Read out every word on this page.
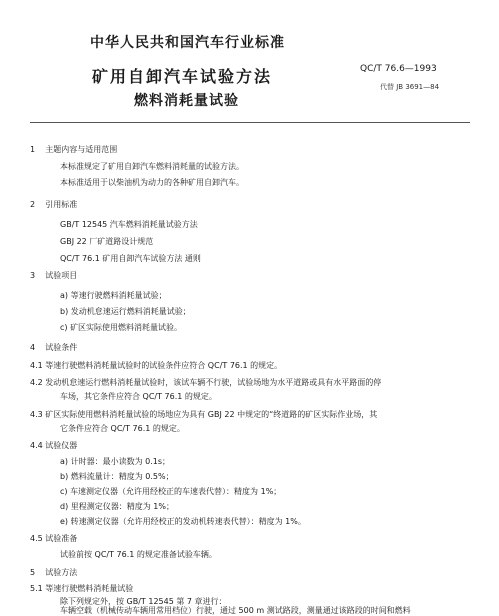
中华人民共和国汽车行业标准
QC/T 76.6—1993
代替 JB 3691—84
矿用自卸汽车试验方法
燃料消耗量试验
1 主题内容与适用范围
本标准规定了矿用自卸汽车燃料消耗量的试验方法。
本标准适用于以柴油机为动力的各种矿用自卸汽车。
2 引用标准
GB/T 12545 汽车燃料消耗量试验方法
GBJ 22 厂矿道路设计规范
QC/T 76.1 矿用自卸汽车试验方法 通则
3 试验项目
a) 等速行驶燃料消耗量试验；
b) 发动机怠速运行燃料消耗量试验；
c) 矿区实际使用燃料消耗量试验。
4 试验条件
4.1 等速行驶燃料消耗量试验时的试验条件应符合 QC/T 76.1 的规定。
4.2 发动机怠速运行燃料消耗量试验时，该试车辆不行驶，试验场地为水平道路或具有水平路面的停
车场，其它条件应符合 QC/T 76.1 的规定。
4.3 矿区实际使用燃料消耗量试验的场地应为具有 GBJ 22 中规定的“终道路的矿区实际作业场，其
它条件应符合 QC/T 76.1 的规定。
4.4 试验仪器
a) 计时器：最小读数为 0.1s；
b) 燃料流量计：精度为 0.5%；
c) 车速测定仪器（允许用经校正的车速表代替）：精度为 1%；
d) 里程测定仪器：精度为 1%；
e) 转速测定仪器（允许用经校正的发动机转速表代替）：精度为 1%。
4.5 试验准备
试验前按 QC/T 76.1 的规定准备试验车辆。
5 试验方法
5.1 等速行驶燃料消耗量试验
除下列规定外，按 GB/T 12545 第 7 章进行：
车辆空载（机械传动车辆用常用档位）行驶，通过 500 m 测试路段，测量通过该路段的时间和燃料
